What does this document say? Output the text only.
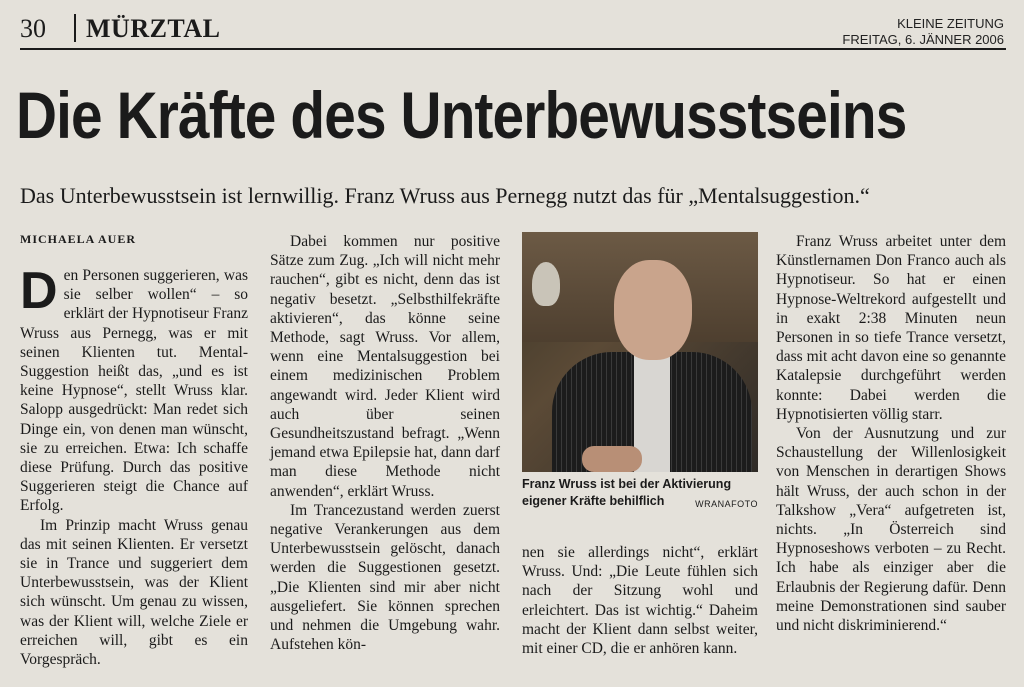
30 MÜRZTAL	KLEINE ZEITUNG
FREITAG, 6. JÄNNER 2006
Die Kräfte des Unterbewusstseins
Das Unterbewusstsein ist lernwillig. Franz Wruss aus Pernegg nutzt das für „Mentalsuggestion.“
MICHAELA AUER

Den Personen suggerieren, was sie selber wollen“ – so erklärt der Hypnotiseur Franz Wruss aus Pernegg, was er mit seinen Klienten tut. Mental-Suggestion heißt das, „und es ist keine Hypnose“, stellt Wruss klar. Salopp ausgedrückt: Man redet sich Dinge ein, von denen man wünscht, sie zu erreichen. Etwa: Ich schaffe diese Prüfung. Durch das positive Suggerieren steigt die Chance auf Erfolg.

Im Prinzip macht Wruss genau das mit seinen Klienten. Er versetzt sie in Trance und suggeriert dem Unterbewusstsein, was der Klient sich wünscht. Um genau zu wissen, was der Klient will, welche Ziele er erreichen will, gibt es ein Vorgespräch.

Dabei kommen nur positive Sätze zum Zug. „Ich will nicht mehr rauchen“, gibt es nicht, denn das ist negativ besetzt. „Selbsthilfekräfte aktivieren“, das könne seine Methode, sagt Wruss. Vor allem, wenn eine Mentalsuggestion bei einem medizinischen Problem angewandt wird. Jeder Klient wird auch über seinen Gesundheitszustand befragt. „Wenn jemand etwa Epilepsie hat, dann darf man diese Methode nicht anwenden“, erklärt Wruss.

Im Trancezustand werden zuerst negative Verankerungen aus dem Unterbewusstsein gelöscht, danach werden die Suggestionen gesetzt. „Die Klienten sind mir aber nicht ausgeliefert. Sie können sprechen und nehmen die Umgebung wahr. Aufstehen kön-

Franz Wruss ist bei der Aktivierung eigener Kräfte behilflich	WRANAFOTO

nen sie allerdings nicht“, erklärt Wruss. Und: „Die Leute fühlen sich nach der Sitzung wohl und erleichtert. Das ist wichtig.“ Daheim macht der Klient dann selbst weiter, mit einer CD, die er anhören kann.

Franz Wruss arbeitet unter dem Künstlernamen Don Franco auch als Hypnotiseur. So hat er einen Hypnose-Weltrekord aufgestellt und in exakt 2:38 Minuten neun Personen in so tiefe Trance versetzt, dass mit acht davon eine so genannte Katalepsie durchgeführt werden konnte: Dabei werden die Hypnotisierten völlig starr.

Von der Ausnutzung und zur Schaustellung der Willenlosigkeit von Menschen in derartigen Shows hält Wruss, der auch schon in der Talkshow „Vera“ aufgetreten ist, nichts. „In Österreich sind Hypnoseshows verboten – zu Recht. Ich habe als einziger aber die Erlaubnis der Regierung dafür. Denn meine Demonstrationen sind sauber und nicht diskriminierend.“
